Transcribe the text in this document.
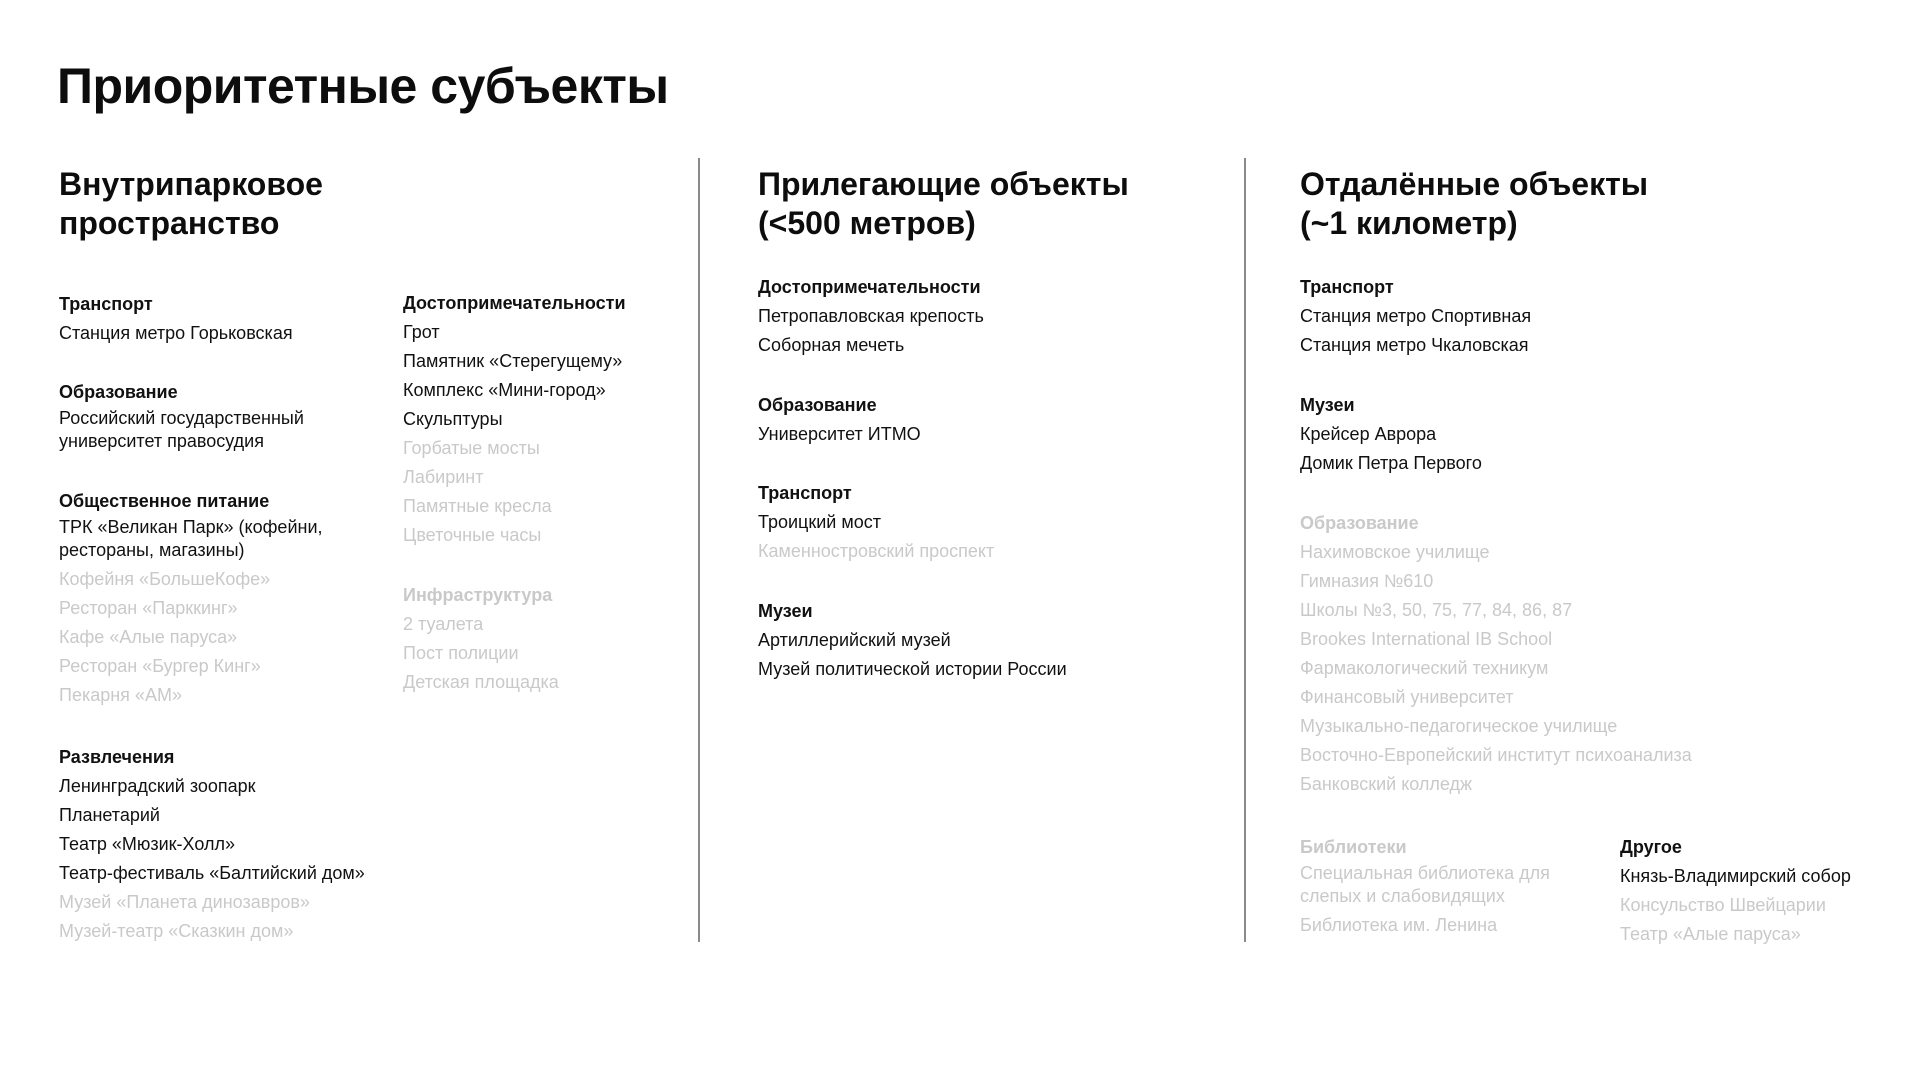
Приоритетные субъекты
Внутрипарковое
пространство
Транспорт
Станция метро Горьковская
Образование
Российский государственный университет правосудия
Общественное питание
ТРК «Великан Парк» (кофейни, рестораны, магазины)
Кофейня «БольшеКофе»
Ресторан «Парккинг»
Кафе «Алые паруса»
Ресторан «Бургер Кинг»
Пекарня «АМ»
Развлечения
Ленинградский зоопарк
Планетарий
Театр «Мюзик-Холл»
Театр-фестиваль «Балтийский дом»
Музей «Планета динозавров»
Музей-театр «Сказкин дом»
Достопримечательности
Грот
Памятник «Стерегущему»
Комплекс «Мини-город»
Скульптуры
Горбатые мосты
Лабиринт
Памятные кресла
Цветочные часы
Инфраструктура
2 туалета
Пост полиции
Детская площадка
Прилегающие объекты
(<500 метров)
Достопримечательности
Петропавловская крепость
Соборная мечеть
Образование
Университет ИТМО
Транспорт
Троицкий мост
Каменностровский проспект
Музеи
Артиллерийский музей
Музей политической истории России
Отдалённые объекты
(~1 километр)
Транспорт
Станция метро Спортивная
Станция метро Чкаловская
Музеи
Крейсер Аврора
Домик Петра Первого
Образование
Нахимовское училище
Гимназия №610
Школы №3, 50, 75, 77, 84, 86, 87
Brookes International IB School
Фармакологический техникум
Финансовый университет
Музыкально-педагогическое училище
Восточно-Европейский институт психоанализа
Банковский колледж
Библиотеки
Специальная библиотека для слепых и слабовидящих
Библиотека им. Ленина
Другое
Князь-Владимирский собор
Консульство Швейцарии
Театр «Алые паруса»
